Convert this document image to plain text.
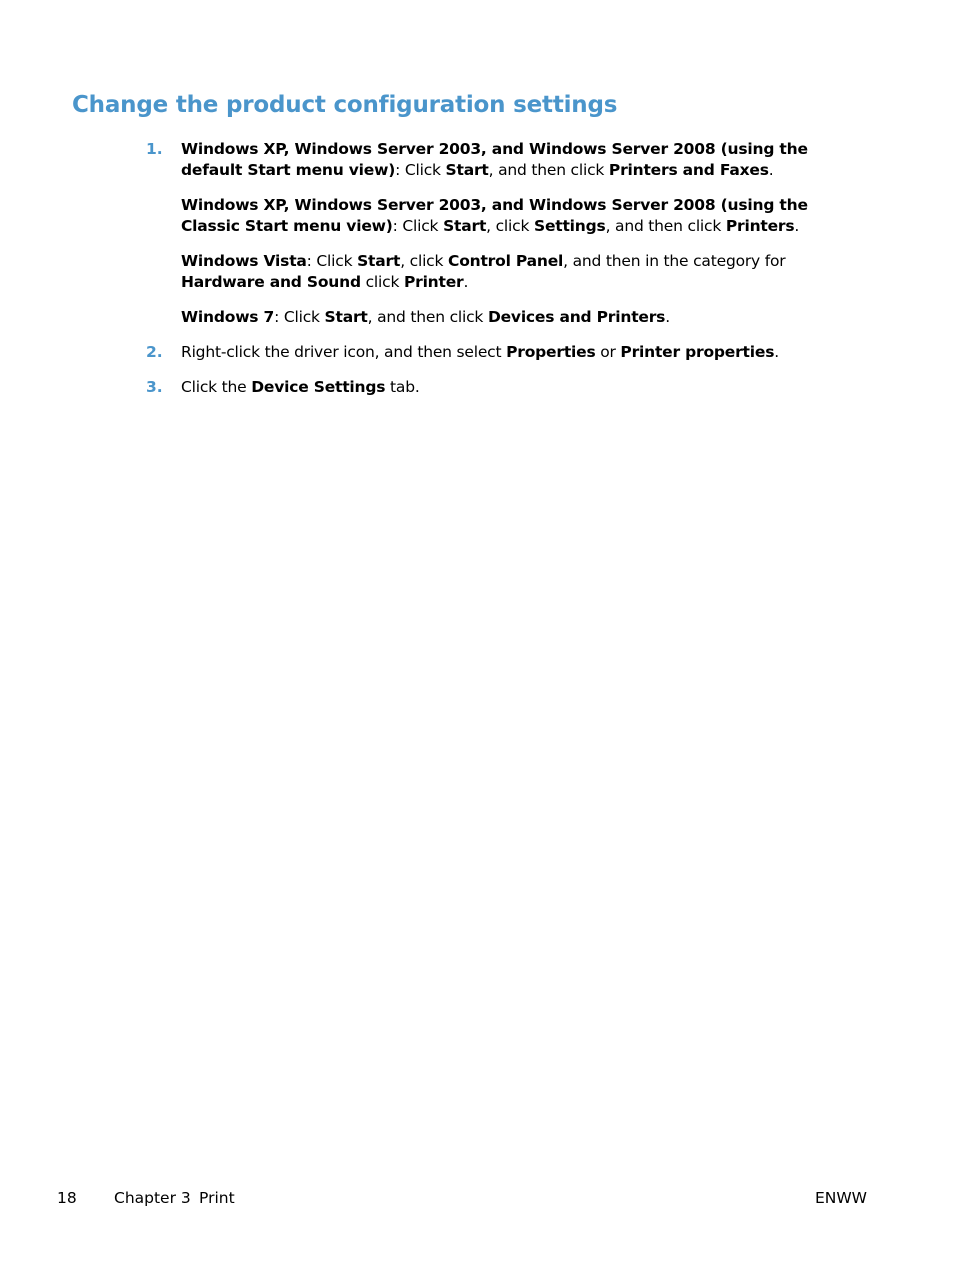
Change the product configuration settings
1. Windows XP, Windows Server 2003, and Windows Server 2008 (using the default Start menu view): Click Start, and then click Printers and Faxes.

Windows XP, Windows Server 2003, and Windows Server 2008 (using the Classic Start menu view): Click Start, click Settings, and then click Printers.

Windows Vista: Click Start, click Control Panel, and then in the category for Hardware and Sound click Printer.

Windows 7: Click Start, and then click Devices and Printers.

2. Right-click the driver icon, and then select Properties or Printer properties.

3. Click the Device Settings tab.

18 Chapter 3 Print	ENWW
